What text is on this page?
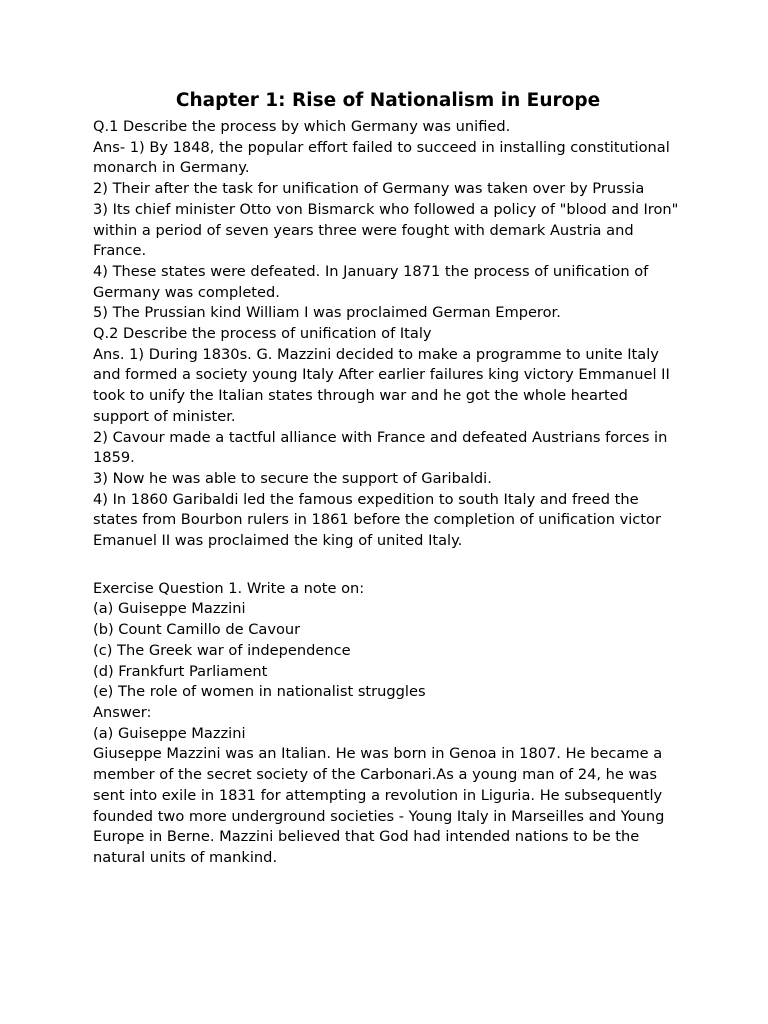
Chapter 1: Rise of Nationalism in Europe

Q.1 Describe the process by which Germany was unified.

Ans- 1) By 1848, the popular effort failed to succeed in installing constitutional monarch in Germany.

2) Their after the task for unification of Germany was taken over by Prussia

3) Its chief minister Otto von Bismarck who followed a policy of "blood and Iron" within a period of seven years three were fought with demark Austria and France.

4) These states were defeated. In January 1871 the process of unification of Germany was completed.

5) The Prussian kind William I was proclaimed German Emperor.

Q.2 Describe the process of unification of Italy

Ans. 1) During 1830s. G. Mazzini decided to make a programme to unite Italy and formed a society young Italy After earlier failures king victory Emmanuel II took to unify the Italian states through war and he got the whole hearted support of minister.

2) Cavour made a tactful alliance with France and defeated Austrians forces in 1859.

3) Now he was able to secure the support of Garibaldi.

4) In 1860 Garibaldi led the famous expedition to south Italy and freed the states from Bourbon rulers in 1861 before the completion of unification victor Emanuel II was proclaimed the king of united Italy.

Exercise Question 1. Write a note on:

(a) Guiseppe Mazzini

(b) Count Camillo de Cavour

(c) The Greek war of independence

(d) Frankfurt Parliament

(e) The role of women in nationalist struggles

Answer:

(a) Guiseppe Mazzini

Giuseppe Mazzini was an Italian. He was born in Genoa in 1807. He became a member of the secret society of the Carbonari.As a young man of 24, he was sent into exile in 1831 for attempting a revolution in Liguria. He subsequently founded two more underground societies - Young Italy in Marseilles and Young Europe in Berne. Mazzini believed that God had intended nations to be the natural units of mankind.
